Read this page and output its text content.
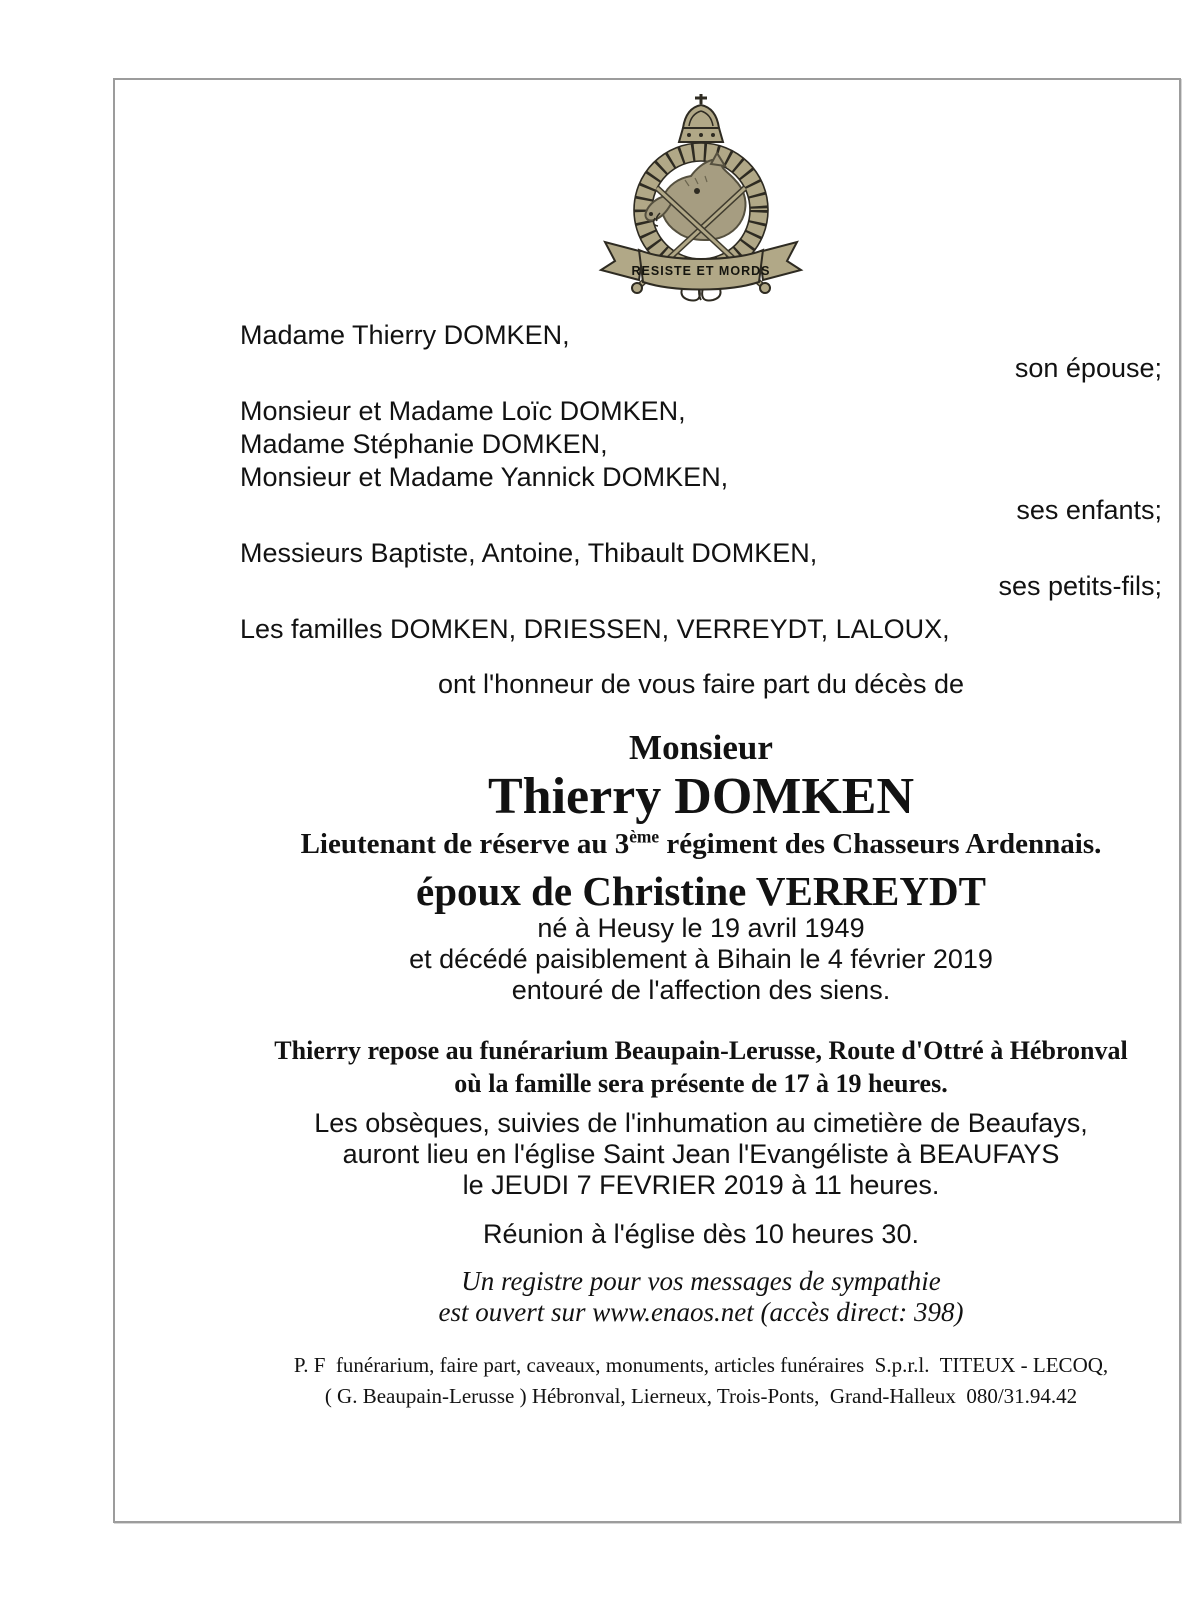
RESISTE ET MORDS
Madame Thierry DOMKEN,
son épouse;
Monsieur et Madame Loïc DOMKEN,
Madame Stéphanie DOMKEN,
Monsieur et Madame Yannick DOMKEN,
ses enfants;
Messieurs Baptiste, Antoine, Thibault DOMKEN,
ses petits-fils;
Les familles DOMKEN, DRIESSEN, VERREYDT, LALOUX,
ont l'honneur de vous faire part du décès de
Monsieur
Thierry DOMKEN
Lieutenant de réserve au 3ème régiment des Chasseurs Ardennais.
époux de Christine VERREYDT
né à Heusy le 19 avril 1949
et décédé paisiblement à Bihain le 4 février 2019
entouré de l'affection des siens.
Thierry repose au funérarium Beaupain-Lerusse, Route d'Ottré à Hébronval
où la famille sera présente de 17 à 19 heures.
Les obsèques, suivies de l'inhumation au cimetière de Beaufays,
auront lieu en l'église Saint Jean l'Evangéliste à BEAUFAYS
le JEUDI 7 FEVRIER 2019 à 11 heures.
Réunion à l'église dès 10 heures 30.
Un registre pour vos messages de sympathie
est ouvert sur www.enaos.net (accès direct: 398)
P. F  funérarium, faire part, caveaux, monuments, articles funéraires  S.p.r.l.  TITEUX - LECOQ,
( G. Beaupain-Lerusse ) Hébronval, Lierneux, Trois-Ponts,  Grand-Halleux  080/31.94.42
